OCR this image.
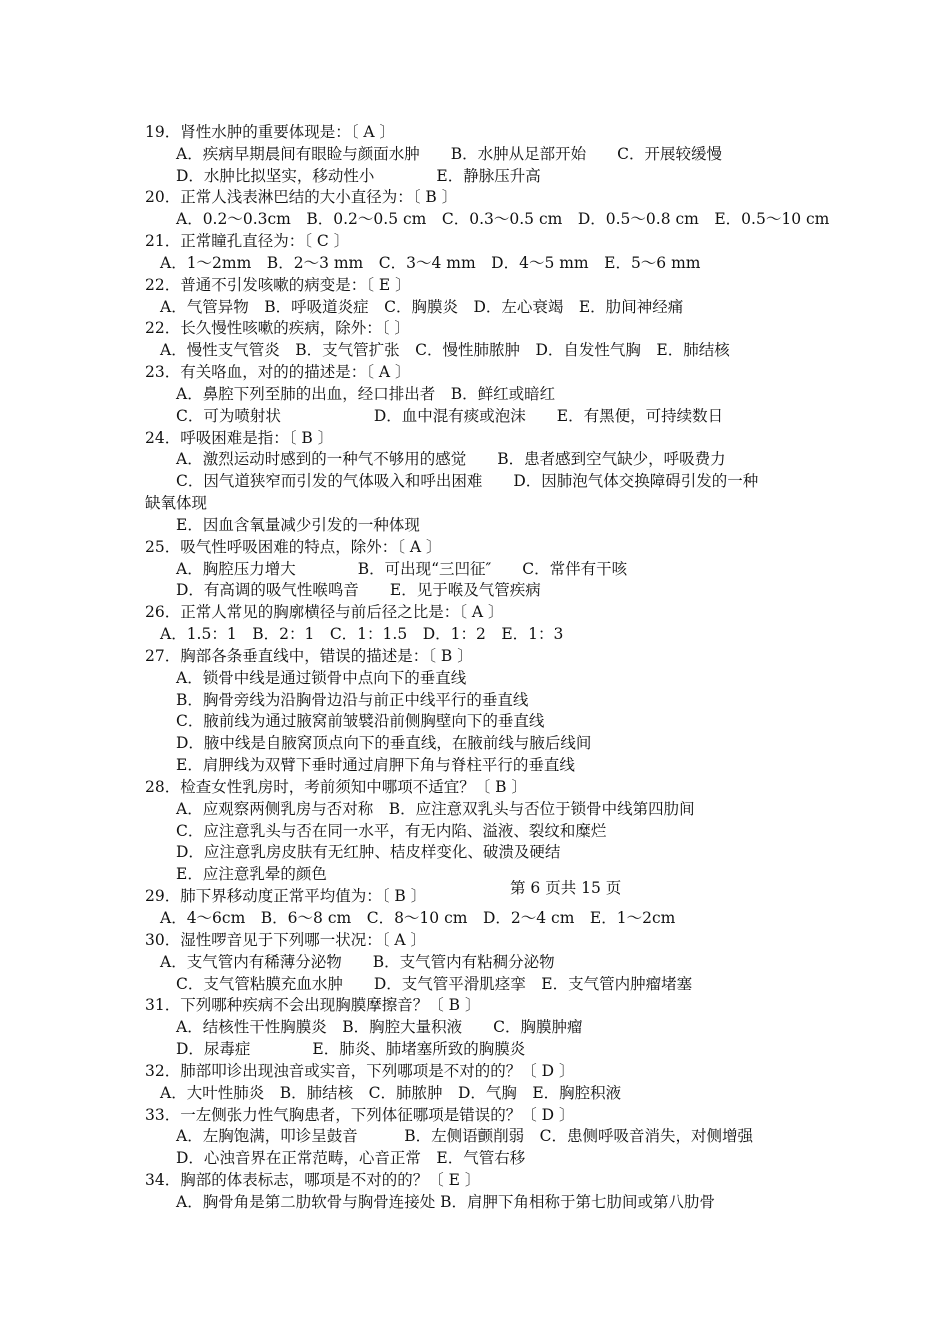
19．肾性水肿的重要体现是：〔 A 〕
A．疾病早期晨间有眼睑与颜面水肿　　B．水肿从足部开始　　C．开展较缓慢
D．水肿比拟坚实，移动性小　　　　E．静脉压升高
20．正常人浅表淋巴结的大小直径为：〔 B 〕
A．0.2～0.3cm　B．0.2～0.5 cm　C．0.3～0.5 cm　D．0.5～0.8 cm　E．0.5～10 cm
21．正常瞳孔直径为：〔 C 〕
A．1～2mm　B．2～3 mm　C．3～4 mm　D．4～5 mm　E．5～6 mm
22．普通不引发咳嗽的病变是：〔 E 〕
A．气管异物　B．呼吸道炎症　C．胸膜炎　D．左心衰竭　E．肋间神经痛
22．长久慢性咳嗽的疾病，除外：〔 〕
A．慢性支气管炎　B．支气管扩张　C．慢性肺脓肿　D．自发性气胸　E．肺结核
23．有关咯血，对的的描述是：〔 A 〕
A．鼻腔下列至肺的出血，经口排出者　B．鲜红或暗红
C．可为喷射状　　　　　　D．血中混有痰或泡沫　　E．有黑便，可持续数日
24．呼吸困难是指：〔 B 〕
A．激烈运动时感到的一种气不够用的感觉　　B．患者感到空气缺少，呼吸费力
C．因气道狭窄而引发的气体吸入和呼出困难　　D．因肺泡气体交换障碍引发的一种
缺氧体现
E．因血含氧量减少引发的一种体现
25．吸气性呼吸困难的特点，除外：〔 A 〕
A．胸腔压力增大　　　　B．可出现“三凹征″　　C．常伴有干咳
D．有高调的吸气性喉鸣音　　E．见于喉及气管疾病
26．正常人常见的胸廓横径与前后径之比是：〔 A 〕
A．1.5：1　B．2：1　C．1：1.5　D．1：2　E．1：3
27．胸部各条垂直线中，错误的描述是：〔 B 〕
A．锁骨中线是通过锁骨中点向下的垂直线
B．胸骨旁线为沿胸骨边沿与前正中线平行的垂直线
C．腋前线为通过腋窝前皱襞沿前侧胸壁向下的垂直线
D．腋中线是自腋窝顶点向下的垂直线，在腋前线与腋后线间
E．肩胛线为双臂下垂时通过肩胛下角与脊柱平行的垂直线
28．检查女性乳房时，考前须知中哪项不适宜？〔 B 〕
A．应观察两侧乳房与否对称　B．应注意双乳头与否位于锁骨中线第四肋间
C．应注意乳头与否在同一水平，有无内陷、溢液、裂纹和糜烂
D．应注意乳房皮肤有无红肿、桔皮样变化、破溃及硬结
E．应注意乳晕的颜色
29．肺下界移动度正常平均值为：〔 B 〕	第 6 页共 15 页
A．4～6cm　B．6～8 cm　C．8～10 cm　D．2～4 cm　E．1～2cm
30．湿性啰音见于下列哪一状况：〔 A 〕
A．支气管内有稀薄分泌物　　B．支气管内有粘稠分泌物
C．支气管粘膜充血水肿　　D．支气管平滑肌痉挛　E．支气管内肿瘤堵塞
31．下列哪种疾病不会出现胸膜摩擦音？〔 B 〕
A．结核性干性胸膜炎　B．胸腔大量积液　　C．胸膜肿瘤
D．尿毒症　　　　E．肺炎、肺堵塞所致的胸膜炎
32．肺部叩诊出现浊音或实音，下列哪项是不对的的？〔 D 〕
A．大叶性肺炎　B．肺结核　C．肺脓肿　D．气胸　E．胸腔积液
33．一左侧张力性气胸患者，下列体征哪项是错误的？〔 D 〕
A．左胸饱满，叩诊呈鼓音　　　B．左侧语颤削弱　C．患侧呼吸音消失，对侧增强
D．心浊音界在正常范畴，心音正常　E．气管右移
34．胸部的体表标志，哪项是不对的的？〔 E 〕
A．胸骨角是第二肋软骨与胸骨连接处 B．肩胛下角相称于第七肋间或第八肋骨
